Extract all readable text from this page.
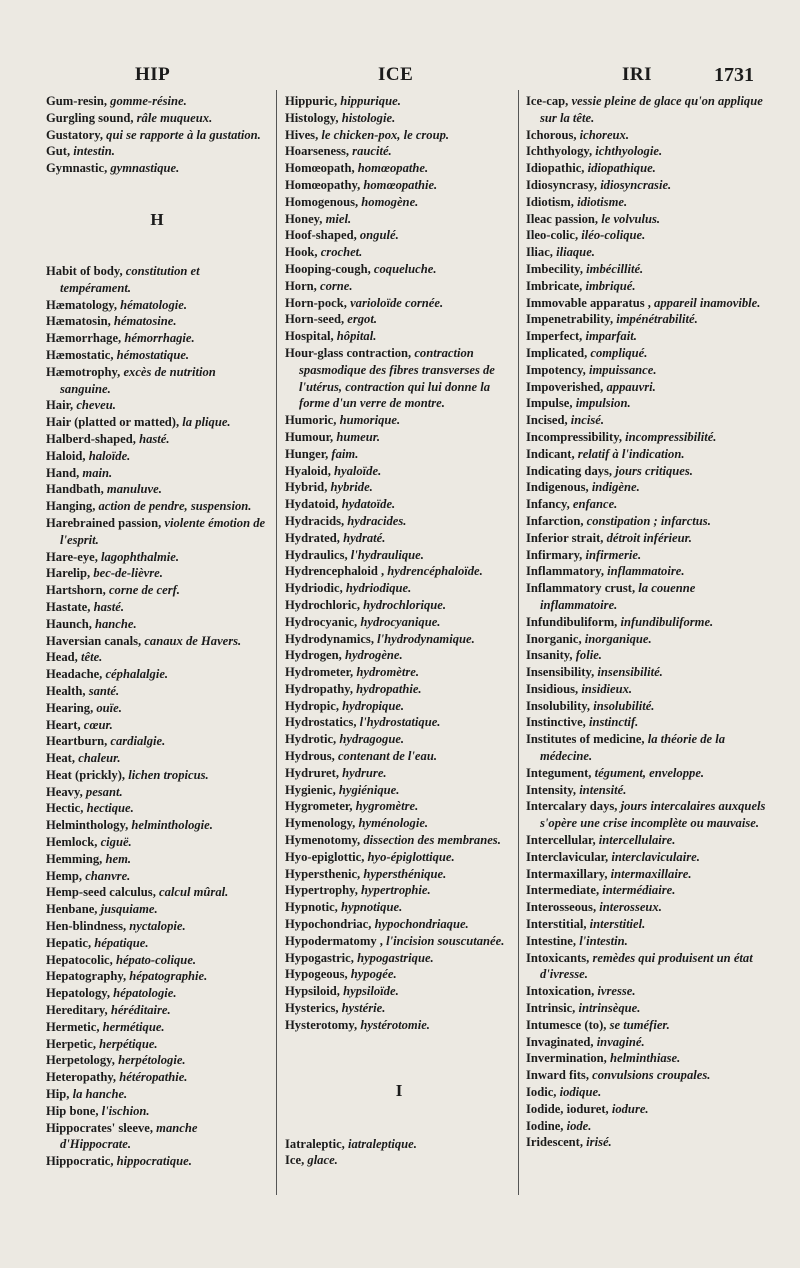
HIP	ICE	IRI	1731

Gum-resin, gomme-résine.

Gurgling sound, râle muqueux.

Gustatory, qui se rapporte à la gustation.

Gut, intestin.

Gymnastic, gymnastique.

H

Habit of body, constitution et tempérament.

Hæmatology, hématologie.

Hæmatosin, hématosine.

Hæmorrhage, hémorrhagie.

Hæmostatic, hémostatique.

Hæmotrophy, excès de nutrition sanguine.

Hair, cheveu.

Hair (platted or matted), la plique.

Halberd-shaped, hasté.

Haloid, haloïde.

Hand, main.

Handbath, manuluve.

Hanging, action de pendre, suspension.

Harebrained passion, violente émotion de l'esprit.

Hare-eye, lagophthalmie.

Harelip, bec-de-lièvre.

Hartshorn, corne de cerf.

Hastate, hasté.

Haunch, hanche.

Haversian canals, canaux de Havers.

Head, tête.

Headache, céphalalgie.

Health, santé.

Hearing, ouïe.

Heart, cœur.

Heartburn, cardialgie.

Heat, chaleur.

Heat (prickly), lichen tropicus.

Heavy, pesant.

Hectic, hectique.

Helminthology, helminthologie.

Hemlock, ciguë.

Hemming, hem.

Hemp, chanvre.

Hemp-seed calculus, calcul mûral.

Henbane, jusquiame.

Hen-blindness, nyctalopie.

Hepatic, hépatique.

Hepatocolic, hépato-colique.

Hepatography, hépatographie.

Hepatology, hépatologie.

Hereditary, héréditaire.

Hermetic, hermétique.

Herpetic, herpétique.

Herpetology, herpétologie.

Heteropathy, hétéropathie.

Hip, la hanche.

Hip bone, l'ischion.

Hippocrates' sleeve, manche d'Hippocrate.

Hippocratic, hippocratique.

Hippuric, hippurique.

Histology, histologie.

Hives, le chicken-pox, le croup.

Hoarseness, raucité.

Homœopath, homœopathe.

Homœopathy, homœopathie.

Homogenous, homogène.

Honey, miel.

Hoof-shaped, ongulé.

Hook, crochet.

Hooping-cough, coqueluche.

Horn, corne.

Horn-pock, varioloïde cornée.

Horn-seed, ergot.

Hospital, hôpital.

Hour-glass contraction, contraction spasmodique des fibres transverses de l'utérus, contraction qui lui donne la forme d'un verre de montre.

Humoric, humorique.

Humour, humeur.

Hunger, faim.

Hyaloid, hyaloïde.

Hybrid, hybride.

Hydatoid, hydatoïde.

Hydracids, hydracides.

Hydrated, hydraté.

Hydraulics, l'hydraulique.

Hydrencephaloid , hydrencéphaloïde.

Hydriodic, hydriodique.

Hydrochloric, hydrochlorique.

Hydrocyanic, hydrocyanique.

Hydrodynamics, l'hydrodynamique.

Hydrogen, hydrogène.

Hydrometer, hydromètre.

Hydropathy, hydropathie.

Hydropic, hydropique.

Hydrostatics, l'hydrostatique.

Hydrotic, hydragogue.

Hydrous, contenant de l'eau.

Hydruret, hydrure.

Hygienic, hygiénique.

Hygrometer, hygromètre.

Hymenology, hyménologie.

Hymenotomy, dissection des membranes.

Hyo-epiglottic, hyo-épiglottique.

Hypersthenic, hypersthénique.

Hypertrophy, hypertrophie.

Hypnotic, hypnotique.

Hypochondriac, hypochondriaque.

Hypodermatomy , l'incision souscutanée.

Hypogastric, hypogastrique.

Hypogeous, hypogée.

Hypsiloid, hypsiloïde.

Hysterics, hystérie.

Hysterotomy, hystérotomie.

I

Iatraleptic, iatraleptique.

Ice, glace.

Ice-cap, vessie pleine de glace qu'on applique sur la tête.

Ichorous, ichoreux.

Ichthyology, ichthyologie.

Idiopathic, idiopathique.

Idiosyncrasy, idiosyncrasie.

Idiotism, idiotisme.

Ileac passion, le volvulus.

Ileo-colic, iléo-colique.

Iliac, iliaque.

Imbecility, imbécillité.

Imbricate, imbriqué.

Immovable apparatus , appareil inamovible.

Impenetrability, impénétrabilité.

Imperfect, imparfait.

Implicated, compliqué.

Impotency, impuissance.

Impoverished, appauvri.

Impulse, impulsion.

Incised, incisé.

Incompressibility, incompressibilité.

Indicant, relatif à l'indication.

Indicating days, jours critiques.

Indigenous, indigène.

Infancy, enfance.

Infarction, constipation ; infarctus.

Inferior strait, détroit inférieur.

Infirmary, infirmerie.

Inflammatory, inflammatoire.

Inflammatory crust, la couenne inflammatoire.

Infundibuliform, infundibuliforme.

Inorganic, inorganique.

Insanity, folie.

Insensibility, insensibilité.

Insidious, insidieux.

Insolubility, insolubilité.

Instinctive, instinctif.

Institutes of medicine, la théorie de la médecine.

Integument, tégument, enveloppe.

Intensity, intensité.

Intercalary days, jours intercalaires auxquels s'opère une crise incomplète ou mauvaise.

Intercellular, intercellulaire.

Interclavicular, interclaviculaire.

Intermaxillary, intermaxillaire.

Intermediate, intermédiaire.

Interosseous, interosseux.

Interstitial, interstitiel.

Intestine, l'intestin.

Intoxicants, remèdes qui produisent un état d'ivresse.

Intoxication, ivresse.

Intrinsic, intrinsèque.

Intumesce (to), se tuméfier.

Invaginated, invaginé.

Invermination, helminthiase.

Inward fits, convulsions croupales.

Iodic, iodique.

Iodide, ioduret, iodure.

Iodine, iode.

Iridescent, irisé.
